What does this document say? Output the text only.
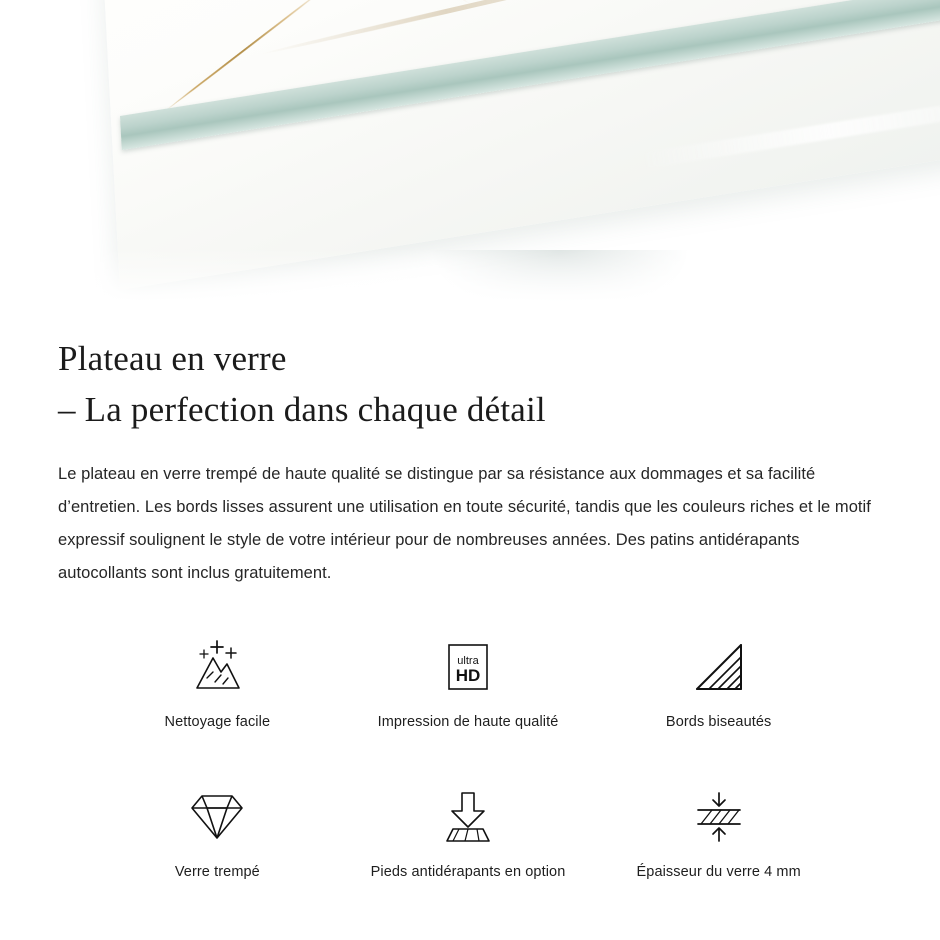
Plateau en verre
– La perfection dans chaque détail

Le plateau en verre trempé de haute qualité se distingue par sa résistance aux dommages et sa facilité d’entretien. Les bords lisses assurent une utilisation en toute sécurité, tandis que les couleurs riches et le motif expressif soulignent le style de votre intérieur pour de nombreuses années. Des patins antidérapants autocollants sont inclus gratuitement.

Nettoyage facile
ultra
HD
Impression de haute qualité	Bords biseautés
Verre trempé	Pieds antidérapants en option	Épaisseur du verre 4 mm
